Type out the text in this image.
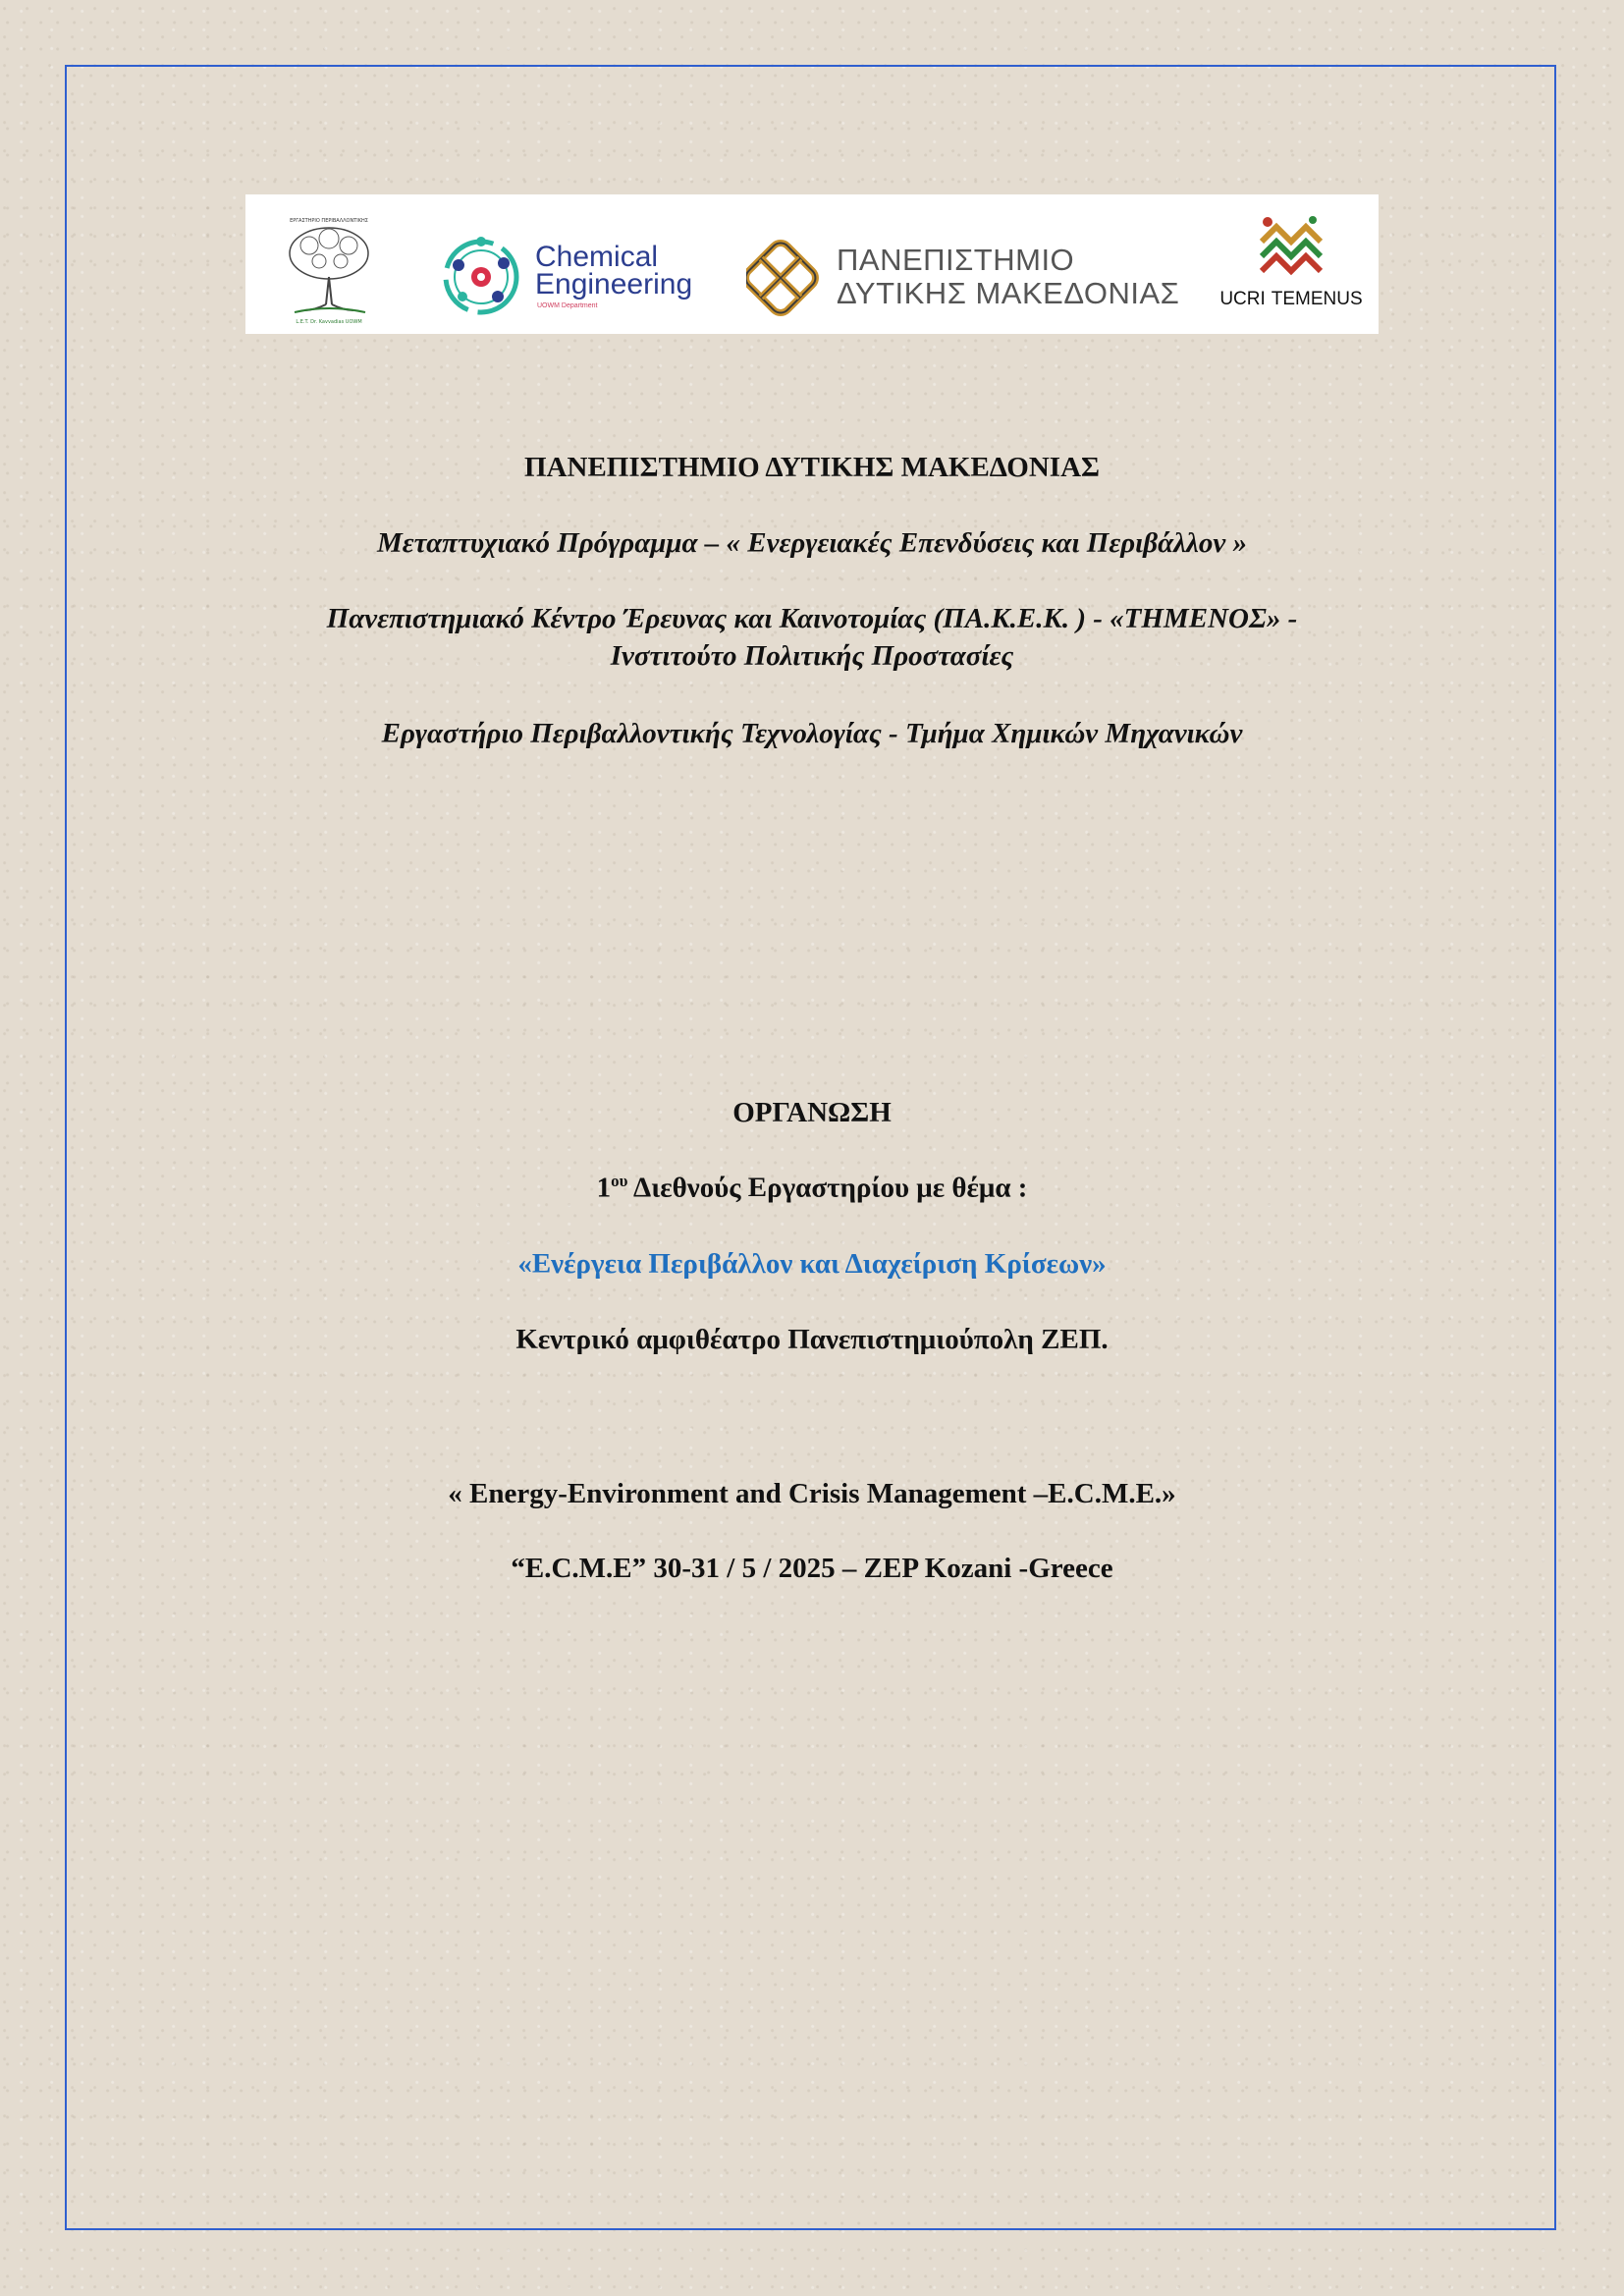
ΕΡΓΑΣΤΗΡΙΟ ΠΕΡΙΒΑΛΛΟΝΤΙΚΗΣ
L.E.T. Dr. Kavvadias UOWM
Chemical
Engineering
UOWM Department
ΠΑΝΕΠΙΣΤΗΜΙΟ
ΔΥΤΙΚΗΣ ΜΑΚΕΔΟΝΙΑΣ	UCRI TEMENUS
ΠΑΝΕΠΙΣΤΗΜΙΟ ΔΥΤΙΚΗΣ ΜΑΚΕΔΟΝΙΑΣ
Μεταπτυχιακό Πρόγραμμα – « Ενεργειακές Επενδύσεις και Περιβάλλον »
Πανεπιστημιακό Κέντρο Έρευνας και Καινοτομίας (ΠΑ.Κ.Ε.Κ. ) - «ΤΗΜΕΝΟΣ» -
Ινστιτούτο Πολιτικής Προστασίες
Εργαστήριο Περιβαλλοντικής Τεχνολογίας - Τμήμα Χημικών Μηχανικών
ΟΡΓΑΝΩΣΗ
$1^{o\upsilon}$ Διεθνούς Εργαστηρίου με θέμα :
«Ενέργεια Περιβάλλον και Διαχείριση Κρίσεων»
Κεντρικό αμφιθέατρο Πανεπιστημιούπολη ΖΕΠ.
« Energy-Environment and Crisis Management –E.C.M.E.»
“E.C.M.E” 30-31 / 5 / 2025 – ZEP Kozani -Greece
